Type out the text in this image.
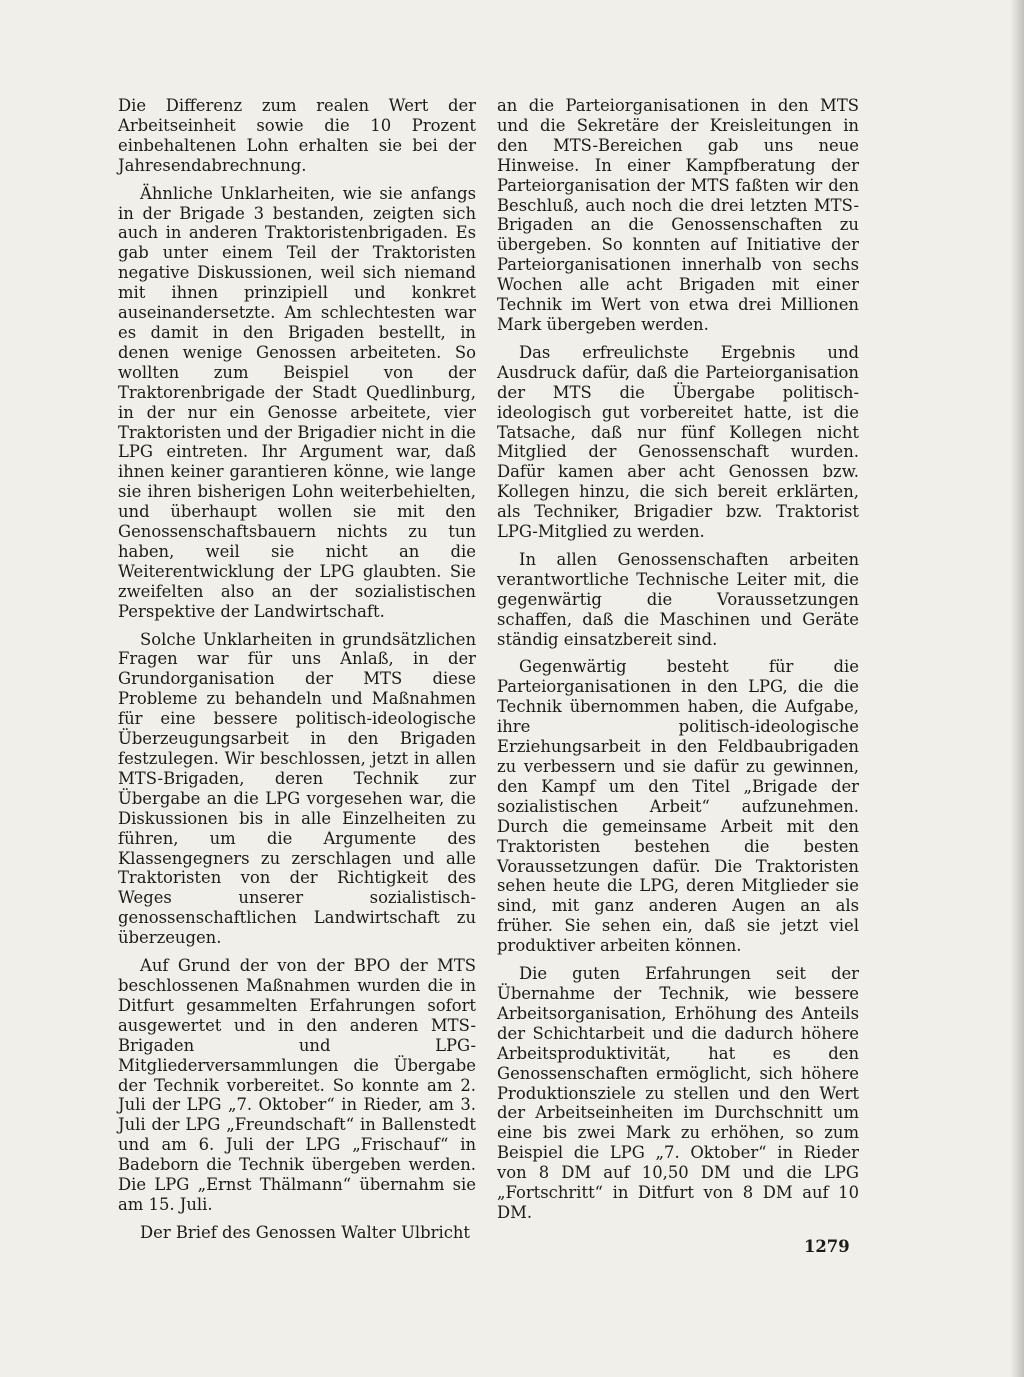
Die Differenz zum realen Wert der Arbeitseinheit sowie die 10 Prozent einbehaltenen Lohn erhalten sie bei der Jahresendabrechnung.

Ähnliche Unklarheiten, wie sie anfangs in der Brigade 3 bestanden, zeigten sich auch in anderen Traktoristenbrigaden. Es gab unter einem Teil der Traktoristen negative Diskussionen, weil sich niemand mit ihnen prinzipiell und konkret auseinandersetzte. Am schlechtesten war es damit in den Brigaden bestellt, in denen wenige Genossen arbeiteten. So wollten zum Beispiel von der Traktorenbrigade der Stadt Quedlinburg, in der nur ein Genosse arbeitete, vier Traktoristen und der Brigadier nicht in die LPG eintreten. Ihr Argument war, daß ihnen keiner garantieren könne, wie lange sie ihren bisherigen Lohn weiterbehielten, und überhaupt wollen sie mit den Genossenschaftsbauern nichts zu tun haben, weil sie nicht an die Weiterentwicklung der LPG glaubten. Sie zweifelten also an der sozialistischen Perspektive der Landwirtschaft.

Solche Unklarheiten in grundsätzlichen Fragen war für uns Anlaß, in der Grundorganisation der MTS diese Probleme zu behandeln und Maßnahmen für eine bessere politisch-ideologische Überzeugungsarbeit in den Brigaden festzulegen. Wir beschlossen, jetzt in allen MTS-Brigaden, deren Technik zur Übergabe an die LPG vorgesehen war, die Diskussionen bis in alle Einzelheiten zu führen, um die Argumente des Klassengegners zu zerschlagen und alle Traktoristen von der Richtigkeit des Weges unserer sozialistisch-genossenschaftlichen Landwirtschaft zu überzeugen.

Auf Grund der von der BPO der MTS beschlossenen Maßnahmen wurden die in Ditfurt gesammelten Erfahrungen sofort ausgewertet und in den anderen MTS-Brigaden und LPG-Mitgliederversammlungen die Übergabe der Technik vorbereitet. So konnte am 2. Juli der LPG „7. Oktober“ in Rieder, am 3. Juli der LPG „Freundschaft“ in Ballenstedt und am 6. Juli der LPG „Frischauf“ in Badeborn die Technik übergeben werden. Die LPG „Ernst Thälmann“ übernahm sie am 15. Juli.

Der Brief des Genossen Walter Ulbricht

an die Parteiorganisationen in den MTS und die Sekretäre der Kreisleitungen in den MTS-Bereichen gab uns neue Hinweise. In einer Kampfberatung der Parteiorganisation der MTS faßten wir den Beschluß, auch noch die drei letzten MTS-Brigaden an die Genossenschaften zu übergeben. So konnten auf Initiative der Parteiorganisationen innerhalb von sechs Wochen alle acht Brigaden mit einer Technik im Wert von etwa drei Millionen Mark übergeben werden.

Das erfreulichste Ergebnis und Ausdruck dafür, daß die Parteiorganisation der MTS die Übergabe politisch-ideologisch gut vorbereitet hatte, ist die Tatsache, daß nur fünf Kollegen nicht Mitglied der Genossenschaft wurden. Dafür kamen aber acht Genossen bzw. Kollegen hinzu, die sich bereit erklärten, als Techniker, Brigadier bzw. Traktorist LPG-Mitglied zu werden.

In allen Genossenschaften arbeiten verantwortliche Technische Leiter mit, die gegenwärtig die Voraussetzungen schaffen, daß die Maschinen und Geräte ständig einsatzbereit sind.

Gegenwärtig besteht für die Parteiorganisationen in den LPG, die die Technik übernommen haben, die Aufgabe, ihre politisch-ideologische Erziehungsarbeit in den Feldbaubrigaden zu verbessern und sie dafür zu gewinnen, den Kampf um den Titel „Brigade der sozialistischen Arbeit“ aufzunehmen. Durch die gemeinsame Arbeit mit den Traktoristen bestehen die besten Voraussetzungen dafür. Die Traktoristen sehen heute die LPG, deren Mitglieder sie sind, mit ganz anderen Augen an als früher. Sie sehen ein, daß sie jetzt viel produktiver arbeiten können.

Die guten Erfahrungen seit der Übernahme der Technik, wie bessere Arbeitsorganisation, Erhöhung des Anteils der Schichtarbeit und die dadurch höhere Arbeitsproduktivität, hat es den Genossenschaften ermöglicht, sich höhere Produktionsziele zu stellen und den Wert der Arbeitseinheiten im Durchschnitt um eine bis zwei Mark zu erhöhen, so zum Beispiel die LPG „7. Oktober“ in Rieder von 8 DM auf 10,50 DM und die LPG „Fortschritt“ in Ditfurt von 8 DM auf 10 DM.

1279
